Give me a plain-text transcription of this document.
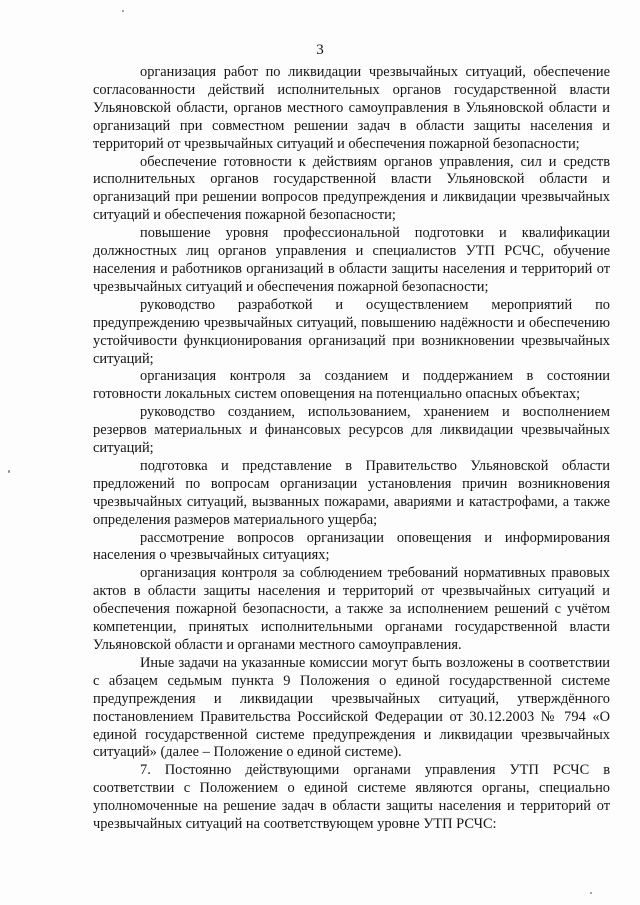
3

организация работ по ликвидации чрезвычайных ситуаций, обеспечение согласованности действий исполнительных органов государственной власти Ульяновской области, органов местного самоуправления в Ульяновской области и организаций при совместном решении задач в области защиты населения и территорий от чрезвычайных ситуаций и обеспечения пожарной безопасности;

обеспечение готовности к действиям органов управления, сил и средств исполнительных органов государственной власти Ульяновской области и организаций при решении вопросов предупреждения и ликвидации чрезвычайных ситуаций и обеспечения пожарной безопасности;

повышение уровня профессиональной подготовки и квалификации должностных лиц органов управления и специалистов УТП РСЧС, обучение населения и работников организаций в области защиты населения и территорий от чрезвычайных ситуаций и обеспечения пожарной безопасности;

руководство разработкой и осуществлением мероприятий по предупреждению чрезвычайных ситуаций, повышению надёжности и обеспечению устойчивости функционирования организаций при возникновении чрезвычайных ситуаций;

организация контроля за созданием и поддержанием в состоянии готовности локальных систем оповещения на потенциально опасных объектах;

руководство созданием, использованием, хранением и восполнением резервов материальных и финансовых ресурсов для ликвидации чрезвычайных ситуаций;

подготовка и представление в Правительство Ульяновской области предложений по вопросам организации установления причин возникновения чрезвычайных ситуаций, вызванных пожарами, авариями и катастрофами, а также определения размеров материального ущерба;

рассмотрение вопросов организации оповещения и информирования населения о чрезвычайных ситуациях;

организация контроля за соблюдением требований нормативных правовых актов в области защиты населения и территорий от чрезвычайных ситуаций и обеспечения пожарной безопасности, а также за исполнением решений с учётом компетенции, принятых исполнительными органами государственной власти Ульяновской области и органами местного самоуправления.

Иные задачи на указанные комиссии могут быть возложены в соответствии с абзацем седьмым пункта 9 Положения о единой государственной системе предупреждения и ликвидации чрезвычайных ситуаций, утверждённого постановлением Правительства Российской Федерации от 30.12.2003 № 794 «О единой государственной системе предупреждения и ликвидации чрезвычайных ситуаций» (далее – Положение о единой системе).

7. Постоянно действующими органами управления УТП РСЧС в соответствии с Положением о единой системе являются органы, специально уполномоченные на решение задач в области защиты населения и территорий от чрезвычайных ситуаций на соответствующем уровне УТП РСЧС:
